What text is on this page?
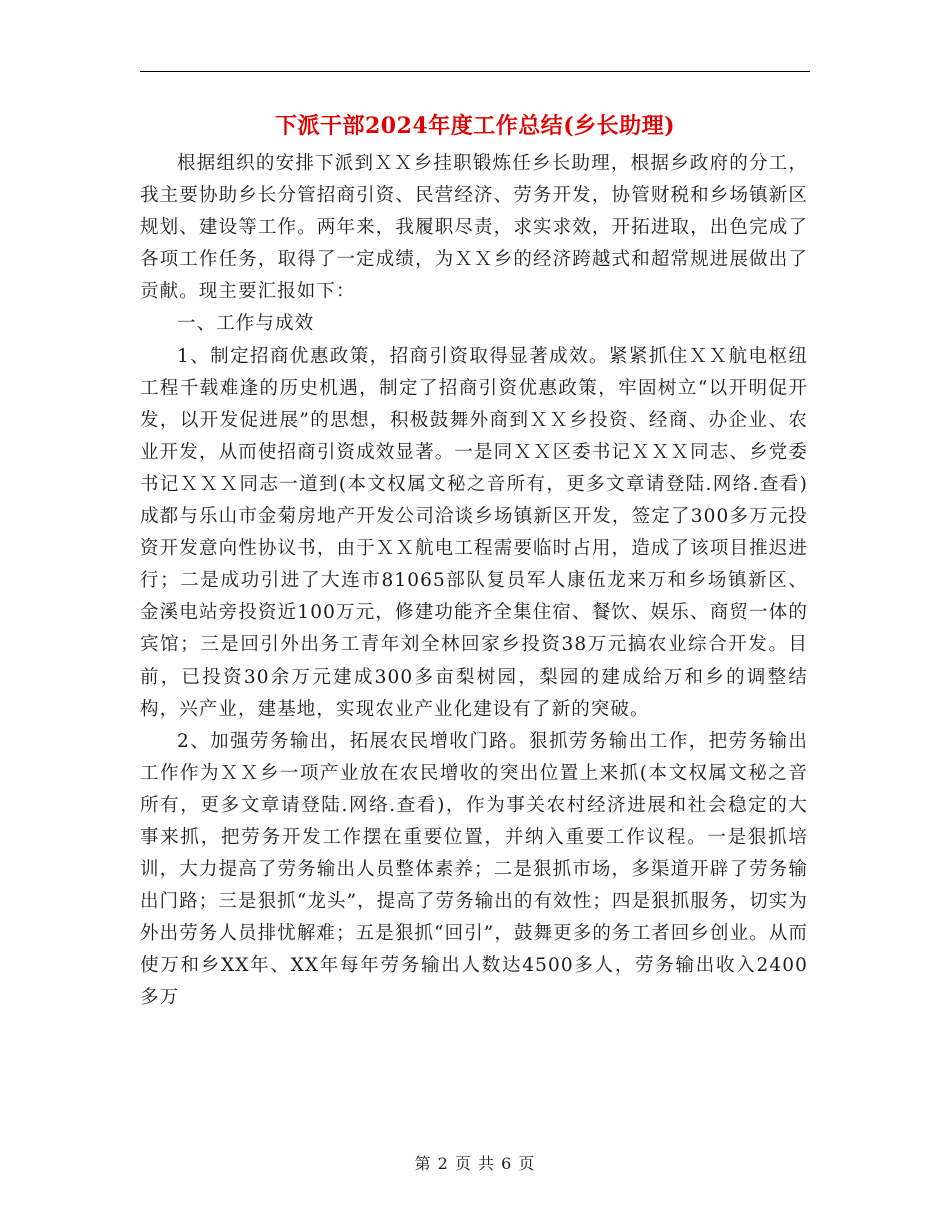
下派干部2024年度工作总结(乡长助理)

根据组织的安排下派到ＸＸ乡挂职锻炼任乡长助理，根据乡政府的分工，我主要协助乡长分管招商引资、民营经济、劳务开发，协管财税和乡场镇新区规划、建设等工作。两年来，我履职尽责，求实求效，开拓进取，出色完成了各项工作任务，取得了一定成绩，为ＸＸ乡的经济跨越式和超常规进展做出了贡献。现主要汇报如下：

一、工作与成效

1、制定招商优惠政策，招商引资取得显著成效。紧紧抓住ＸＸ航电枢纽工程千载难逢的历史机遇，制定了招商引资优惠政策，牢固树立“以开明促开发，以开发促进展”的思想，积极鼓舞外商到ＸＸ乡投资、经商、办企业、农业开发，从而使招商引资成效显著。一是同ＸＸ区委书记ＸＸＸ同志、乡党委书记ＸＸＸ同志一道到(本文权属文秘之音所有，更多文章请登陆.网络.查看)成都与乐山市金菊房地产开发公司洽谈乡场镇新区开发，签定了300多万元投资开发意向性协议书，由于ＸＸ航电工程需要临时占用，造成了该项目推迟进行；二是成功引进了大连市81065部队复员军人康伍龙来万和乡场镇新区、金溪电站旁投资近100万元，修建功能齐全集住宿、餐饮、娱乐、商贸一体的宾馆；三是回引外出务工青年刘全林回家乡投资38万元搞农业综合开发。目前，已投资30余万元建成300多亩梨树园，梨园的建成给万和乡的调整结构，兴产业，建基地，实现农业产业化建设有了新的突破。

2、加强劳务输出，拓展农民增收门路。狠抓劳务输出工作，把劳务输出工作作为ＸＸ乡一项产业放在农民增收的突出位置上来抓(本文权属文秘之音所有，更多文章请登陆.网络.查看)，作为事关农村经济进展和社会稳定的大事来抓，把劳务开发工作摆在重要位置，并纳入重要工作议程。一是狠抓培训，大力提高了劳务输出人员整体素养；二是狠抓市场，多渠道开辟了劳务输出门路；三是狠抓“龙头”，提高了劳务输出的有效性；四是狠抓服务，切实为外出劳务人员排忧解难；五是狠抓“回引”，鼓舞更多的务工者回乡创业。从而使万和乡XX年、XX年每年劳务输出人数达4500多人，劳务输出收入2400多万

第 2 页 共 6 页
